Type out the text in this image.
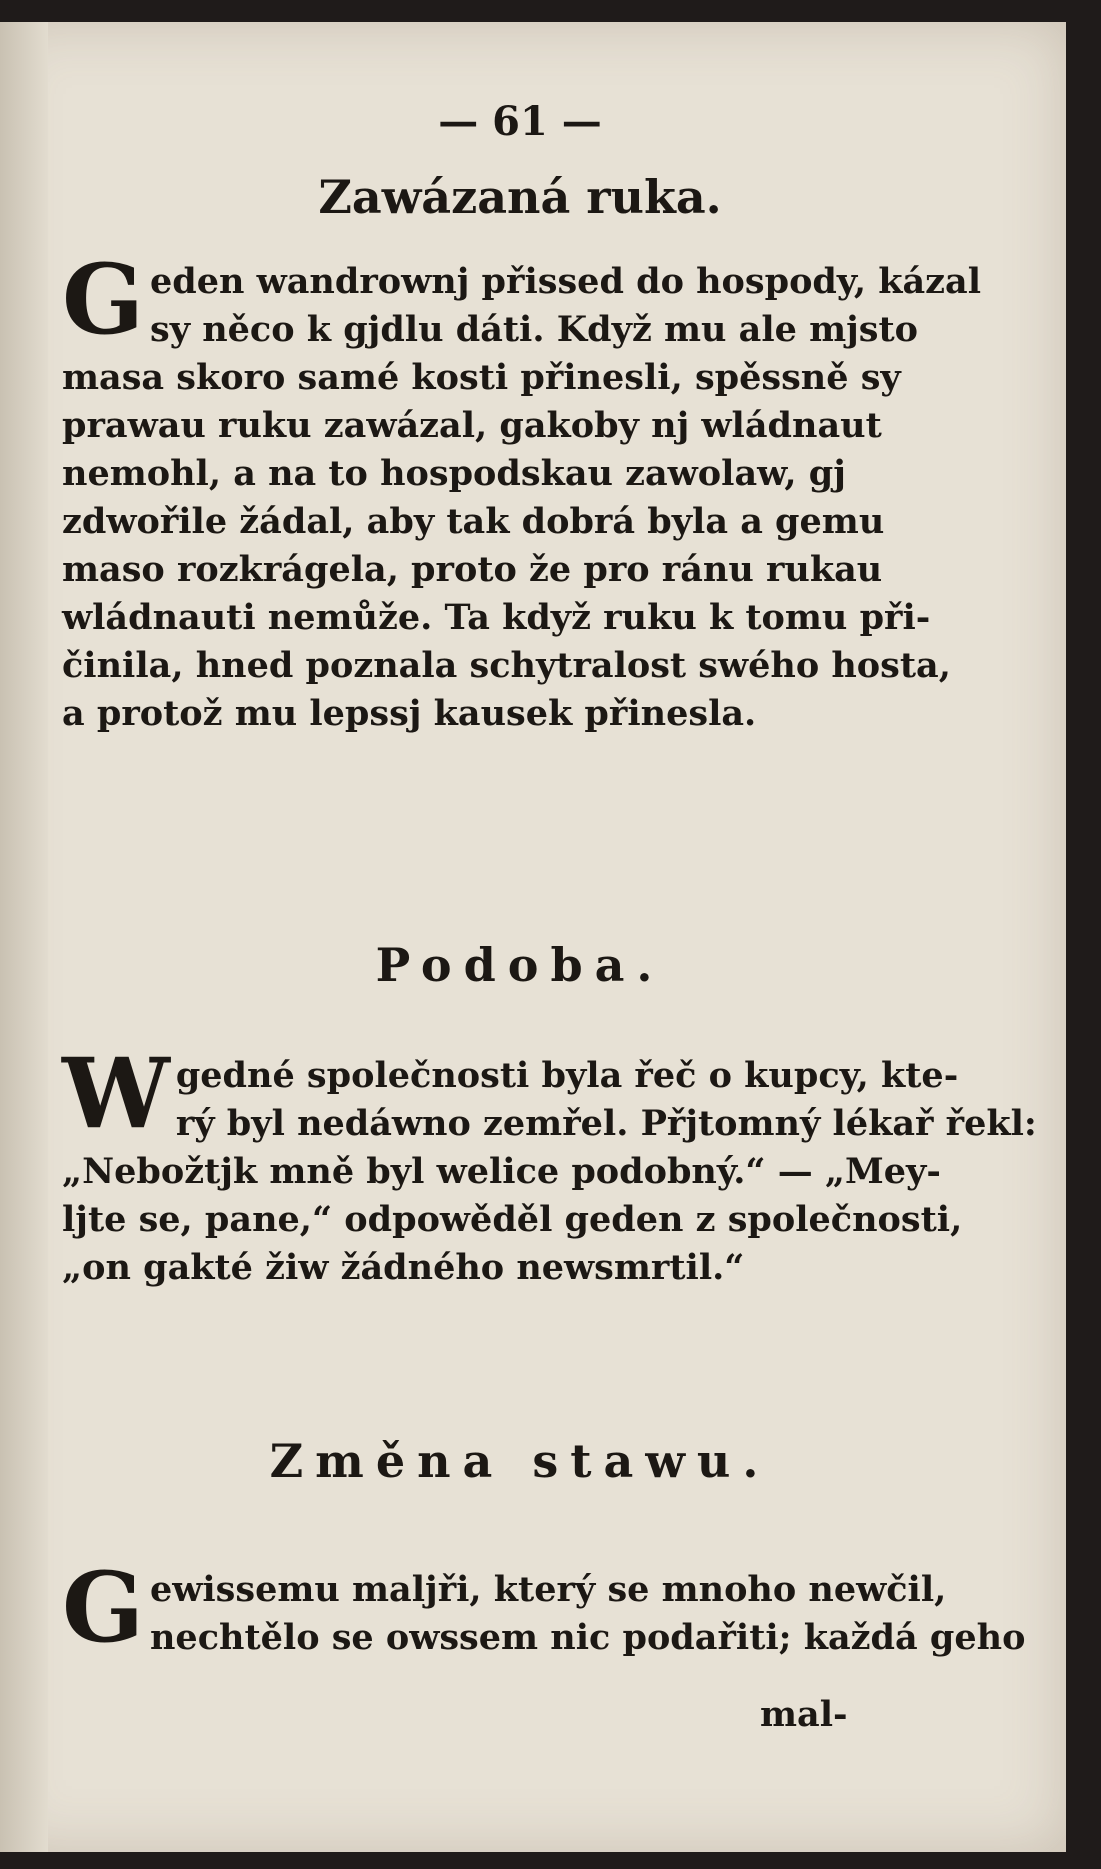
— 61 —
Zawázaná ruka.
G eden wandrownj přissed do hospody, kázal
sy něco k gjdlu dáti. Když mu ale mjsto
masa skoro samé kosti přinesli, spěssně sy
prawau ruku zawázal, gakoby nj wládnaut
nemohl, a na to hospodskau zawolaw, gj
zdwořile žádal, aby tak dobrá byla a gemu
maso rozkrágela, proto že pro ránu rukau
wládnauti nemůže. Ta když ruku k tomu při-
činila, hned poznala schytralost swého hosta,
a protož mu lepssj kausek přinesla.
Podoba.
W gedné společnosti byla řeč o kupcy, kte-
rý byl nedáwno zemřel. Přjtomný lékař řekl:
„Nebožtjk mně byl welice podobný.“ — „Mey-
ljte se, pane,“ odpowěděl geden z společnosti,
„on gakté žiw žádného newsmrtil.“
Změna stawu.
G ewissemu maljři, který se mnoho newčil,
nechtělo se owssem nic podařiti; každá geho
mal-
